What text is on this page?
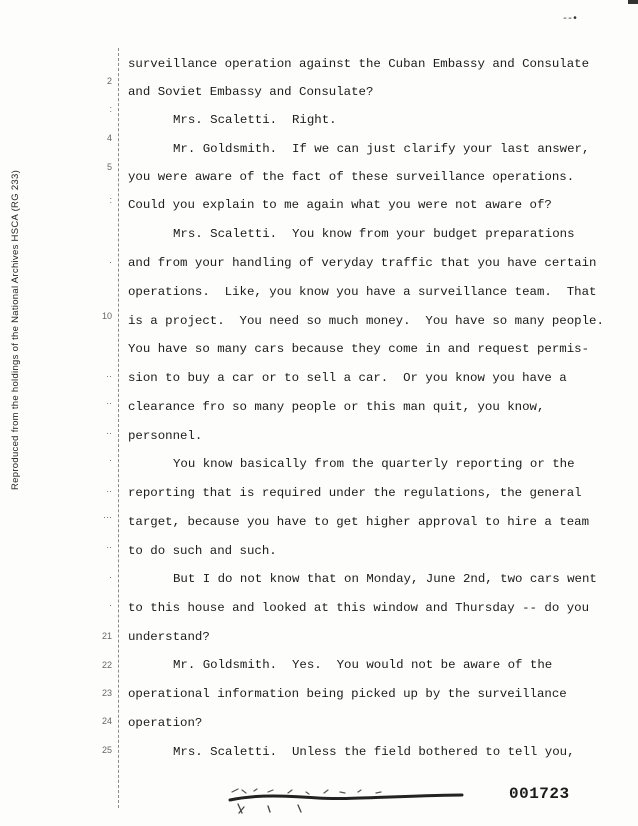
Reproduced from the holdings of the National Archives HSCA (RG 233)
--•
2
:
4
5
:
·
10
··
··
··
·
··
···
··
·
·
21
22
23
24
25
surveillance operation against the Cuban Embassy and Consulate
and Soviet Embassy and Consulate?
Mrs. Scaletti.  Right.
Mr. Goldsmith.  If we can just clarify your last answer,
you were aware of the fact of these surveillance operations.
Could you explain to me again what you were not aware of?
Mrs. Scaletti.  You know from your budget preparations
and from your handling of veryday traffic that you have certain
operations.  Like, you know you have a surveillance team.  That
is a project.  You need so much money.  You have so many people.
You have so many cars because they come in and request permis-
sion to buy a car or to sell a car.  Or you know you have a
clearance fro so many people or this man quit, you know,
personnel.
You know basically from the quarterly reporting or the
reporting that is required under the regulations, the general
target, because you have to get higher approval to hire a team
to do such and such.
But I do not know that on Monday, June 2nd, two cars went
to this house and looked at this window and Thursday -- do you
understand?
Mr. Goldsmith.  Yes.  You would not be aware of the
operational information being picked up by the surveillance
operation?
Mrs. Scaletti.  Unless the field bothered to tell you,
001723
